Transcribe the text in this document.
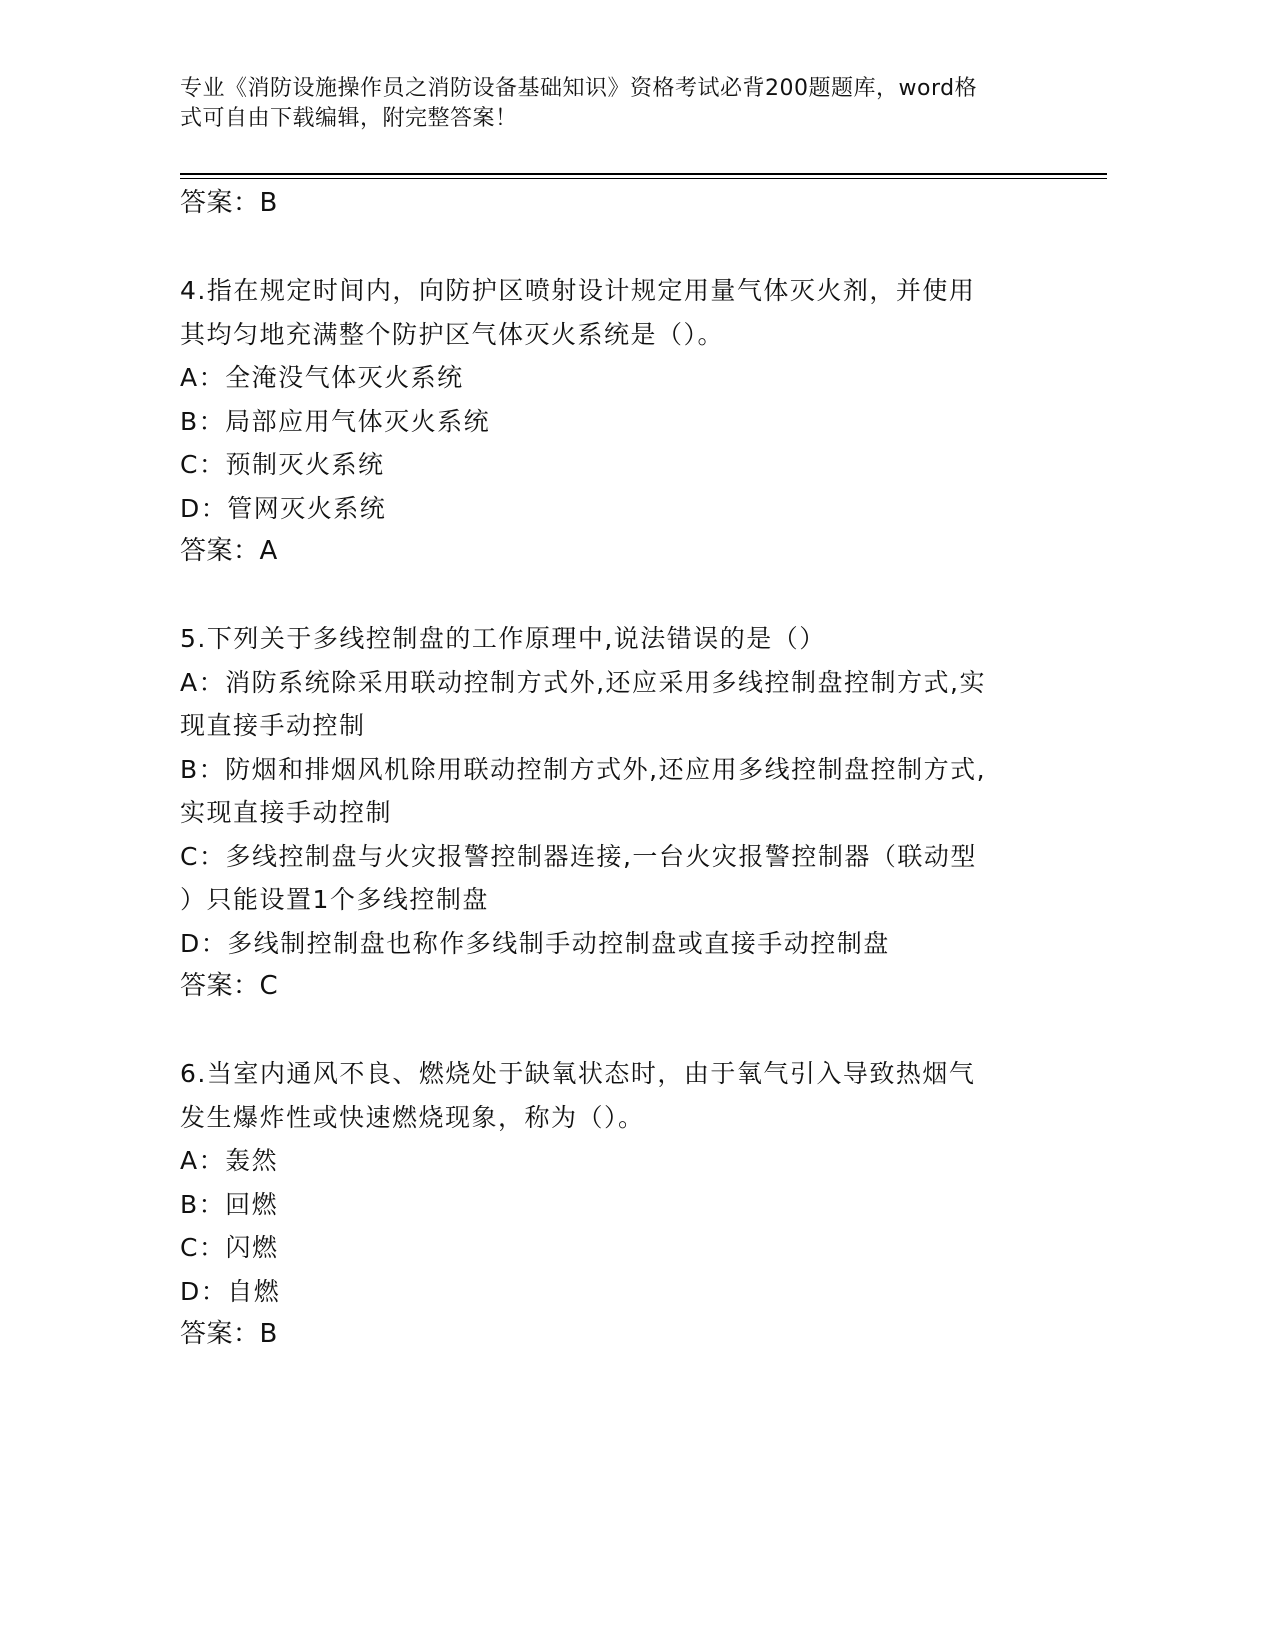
专业《消防设施操作员之消防设备基础知识》资格考试必背200题题库，word格
式可自由下载编辑，附完整答案！
答案：B
4.指在规定时间内，向防护区喷射设计规定用量气体灭火剂，并使用
其均匀地充满整个防护区气体灭火系统是（）。
A：全淹没气体灭火系统
B：局部应用气体灭火系统
C：预制灭火系统
D：管网灭火系统
答案：A
5.下列关于多线控制盘的工作原理中,说法错误的是（）
A：消防系统除采用联动控制方式外,还应采用多线控制盘控制方式,实
现直接手动控制
B：防烟和排烟风机除用联动控制方式外,还应用多线控制盘控制方式,
实现直接手动控制
C：多线控制盘与火灾报警控制器连接,一台火灾报警控制器（联动型
）只能设置1个多线控制盘
D：多线制控制盘也称作多线制手动控制盘或直接手动控制盘
答案：C
6.当室内通风不良、燃烧处于缺氧状态时，由于氧气引入导致热烟气
发生爆炸性或快速燃烧现象，称为（）。
A：轰然
B：回燃
C：闪燃
D：自燃
答案：B
